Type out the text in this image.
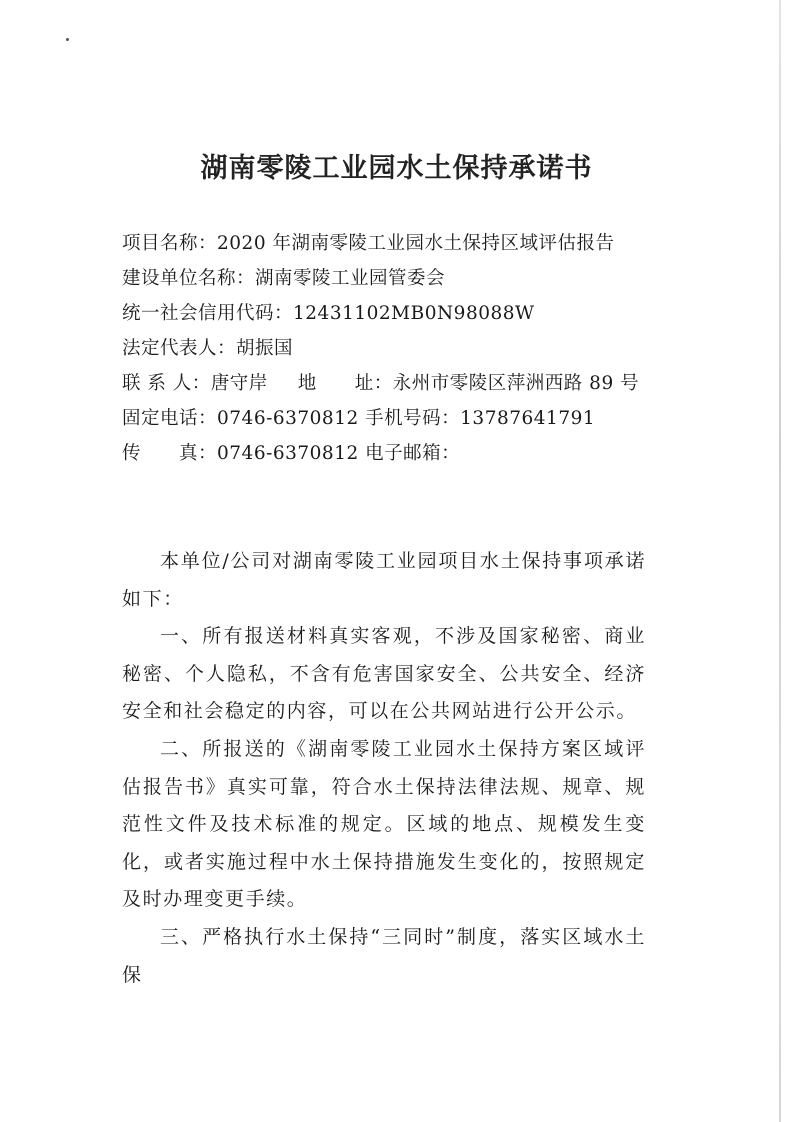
湖南零陵工业园水土保持承诺书
项目名称：2020 年湖南零陵工业园水土保持区域评估报告
建设单位名称：湖南零陵工业园管委会
统一社会信用代码：12431102MB0N98088W
法定代表人：胡振国
联 系 人：唐守岸 地　　址：永州市零陵区萍洲西路 89 号
固定电话：0746-6370812 手机号码：13787641791
传　　真：0746-6370812 电子邮箱：

本单位/公司对湖南零陵工业园项目水土保持事项承诺如下：

一、所有报送材料真实客观，不涉及国家秘密、商业秘密、个人隐私，不含有危害国家安全、公共安全、经济安全和社会稳定的内容，可以在公共网站进行公开公示。

二、所报送的《湖南零陵工业园水土保持方案区域评估报告书》真实可靠，符合水土保持法律法规、规章、规范性文件及技术标准的规定。区域的地点、规模发生变化，或者实施过程中水土保持措施发生变化的，按照规定及时办理变更手续。

三、严格执行水土保持“三同时”制度，落实区域水土保
